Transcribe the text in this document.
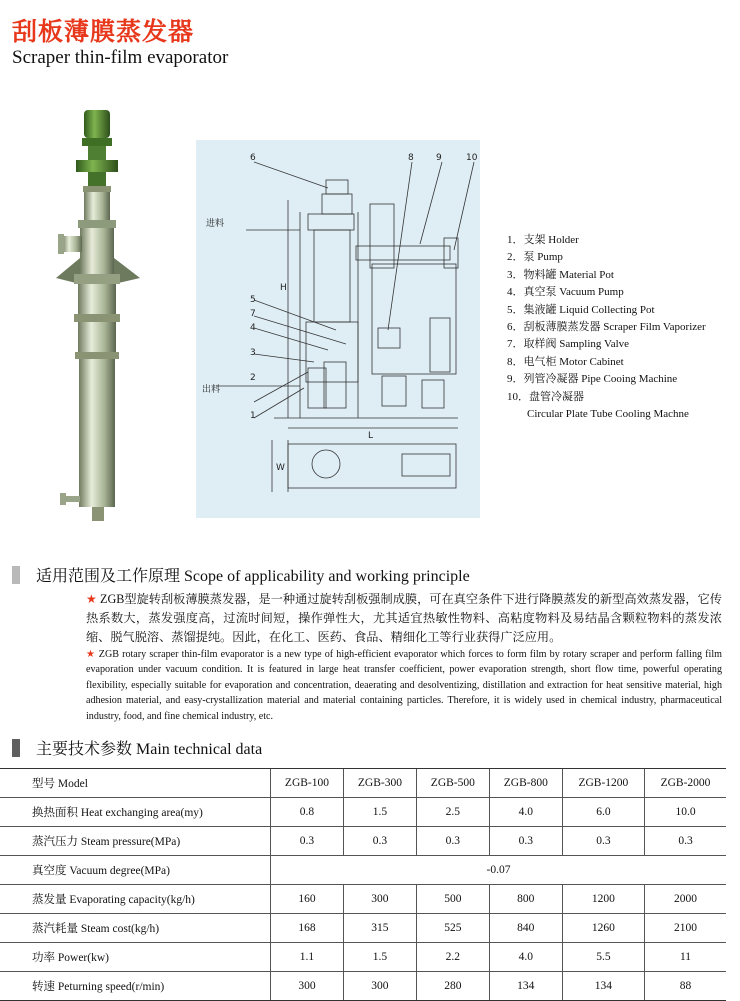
刮板薄膜蒸发器
Scraper thin-film evaporator
6	8 9	10
5
7
4
3
2
1
进料
出料
H
L
W
1．支架 Holder
2．泵 Pump
3．物料罐 Material Pot
4．真空泵 Vacuum Pump
5．集液罐 Liquid Collecting Pot
6．刮板薄膜蒸发器 Scraper Film Vaporizer
7．取样阀 Sampling Valve
8．电气柜 Motor Cabinet
9．列管冷凝器 Pipe Cooing Machine
10．盘管冷凝器
Circular Plate Tube Cooling Machne
适用范围及工作原理 Scope of applicability and working principle
★ ZGB型旋转刮板薄膜蒸发器，是一种通过旋转刮板强制成膜，可在真空条件下进行降膜蒸发的新型高效蒸发器，它传热系数大，蒸发强度高，过流时间短，操作弹性大，尤其适宜热敏性物料、高粘度物料及易结晶含颗粒物料的蒸发浓缩、脱气脱溶、蒸馏提纯。因此，在化工、医药、食品、精细化工等行业获得广泛应用。
★ ZGB rotary scraper thin-film evaporator is a new type of high-efficient evaporator which forces to form film by rotary scraper and perform falling film evaporation under vacuum condition. It is featured in large heat transfer coefficient, power evaporation strength, short flow time, powerful operating flexibility, especially suitable for evaporation and concentration, deaerating and desolventizing, distillation and extraction for heat sensitive material, high adhesion material, and easy-crystallization material and material containing particles. Therefore, it is widely used in chemical industry, pharmaceutical industry, food, and fine chemical industry, etc.
主要技术参数 Main technical data
型号 Model	ZGB-100	ZGB-300	ZGB-500	ZGB-800	ZGB-1200	ZGB-2000
换热面积 Heat exchanging area(my)	0.8	1.5	2.5	4.0	6.0	10.0
蒸汽压力 Steam pressure(MPa)	0.3	0.3	0.3	0.3	0.3	0.3
真空度 Vacuum degree(MPa)	-0.07					
蒸发量 Evaporating capacity(kg/h)	160	300	500	800	1200	2000
蒸汽耗量 Steam cost(kg/h)	168	315	525	840	1260	2100
功率 Power(kw)	1.1	1.5	2.2	4.0	5.5	11
转速 Peturning speed(r/min)	300	300	280	134	134	88
